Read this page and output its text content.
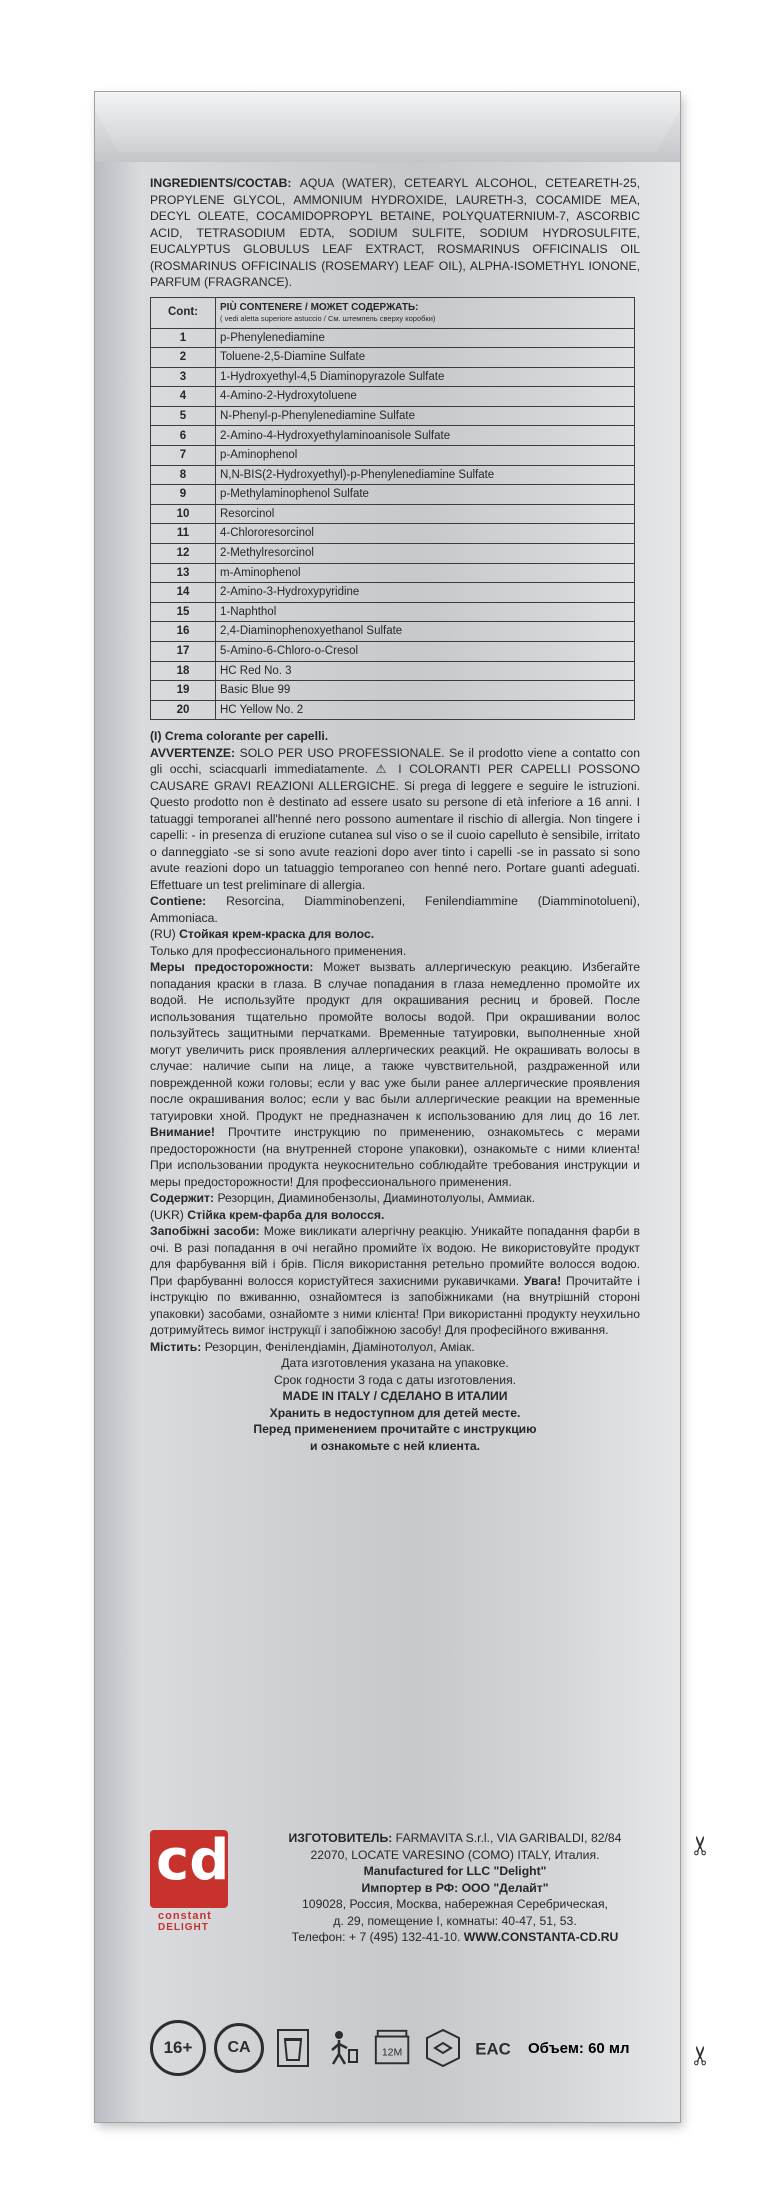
INGREDIENTS/СОСТАВ: AQUA (WATER), CETEARYL ALCOHOL, CETEARETH-25, PROPYLENE GLYCOL, AMMONIUM HYDROXIDE, LAURETH-3, COCAMIDE MEA, DECYL OLEATE, COCAMIDOPROPYL BETAINE, POLYQUATERNIUM-7, ASCORBIC ACID, TETRASODIUM EDTA, SODIUM SULFITE, SODIUM HYDROSULFITE, EUCALYPTUS GLOBULUS LEAF EXTRACT, ROSMARINUS OFFICINALIS OIL (ROSMARINUS OFFICINALIS (ROSEMARY) LEAF OIL), ALPHA-ISOMETHYL IONONE, PARFUM (FRAGRANCE).
Cont:	PIÙ CONTENERE / МОЖЕТ СОДЕРЖАТЬ:
( vedi aletta superiore astuccio / См. штемпель сверху коробки)

1	p-Phenylenediamine
2	Toluene-2,5-Diamine Sulfate
3	1-Hydroxyethyl-4,5 Diaminopyrazole Sulfate
4	4-Amino-2-Hydroxytoluene
5	N-Phenyl-p-Phenylenediamine Sulfate
6	2-Amino-4-Hydroxyethylaminoanisole Sulfate
7	p-Aminophenol
8	N,N-BIS(2-Hydroxyethyl)-p-Phenylenediamine Sulfate
9	p-Methylaminophenol Sulfate
10	Resorcinol
11	4-Chlororesorcinol
12	2-Methylresorcinol
13	m-Aminophenol
14	2-Amino-3-Hydroxypyridine
15	1-Naphthol
16	2,4-Diaminophenoxyethanol Sulfate
17	5-Amino-6-Chloro-o-Cresol
18	HC Red No. 3
19	Basic Blue 99
20	HC Yellow No. 2

(I) Crema colorante per capelli.

AVVERTENZE: SOLO PER USO PROFESSIONALE. Se il prodotto viene a contatto con gli occhi, sciacquarli immediatamente. ⚠ I COLORANTI PER CAPELLI POSSONO CAUSARE GRAVI REAZIONI ALLERGICHE. Si prega di leggere e seguire le istruzioni. Questo prodotto non è destinato ad essere usato su persone di età inferiore a 16 anni. I tatuaggi temporanei all'henné nero possono aumentare il rischio di allergia. Non tingere i capelli: - in presenza di eruzione cutanea sul viso o se il cuoio capelluto è sensibile, irritato o danneggiato -se si sono avute reazioni dopo aver tinto i capelli -se in passato si sono avute reazioni dopo un tatuaggio temporaneo con henné nero. Portare guanti adeguati. Effettuare un test preliminare di allergia.

Contiene: Resorcina, Diamminobenzeni, Fenilendiammine (Diamminotolueni), Ammoniaca.

(RU) Стойкая крем-краска для волос.

Только для профессионального применения.

Меры предосторожности: Может вызвать аллергическую реакцию. Избегайте попадания краски в глаза. В случае попадания в глаза немедленно промойте их водой. Не используйте продукт для окрашивания ресниц и бровей. После использования тщательно промойте волосы водой. При окрашивании волос пользуйтесь защитными перчатками. Временные татуировки, выполненные хной могут увеличить риск проявления аллергических реакций. Не окрашивать волосы в случае: наличие сыпи на лице, а также чувствительной, раздраженной или поврежденной кожи головы; если у вас уже были ранее аллергические проявления после окрашивания волос; если у вас были аллергические реакции на временные татуировки хной. Продукт не предназначен к использованию для лиц до 16 лет. Внимание! Прочтите инструкцию по применению, ознакомьтесь с мерами предосторожности (на внутренней стороне упаковки), ознакомьте с ними клиента! При использовании продукта неукоснительно соблюдайте требования инструкции и меры предосторожности! Для профессионального применения.

Содержит: Резорцин, Диаминобензолы, Диаминотолуолы, Аммиак.

(UKR) Стійка крем-фарба для волосся.

Запобіжні засоби: Може викликати алергічну реакцію. Уникайте попадання фарби в очі. В разі попадання в очі негайно промийте їх водою. Не використовуйте продукт для фарбування вій і брів. Після використання ретельно промийте волосся водою. При фарбуванні волосся користуйтеся захисними рукавичками. Увага! Прочитайте і інструкцію по вживанню, ознайомтеся із запобіжниками (на внутрішній стороні упаковки) засобами, ознайомте з ними клієнта! При використанні продукту неухильно дотримуйтесь вимог інструкції і запобіжною засобу! Для професійного вживання.

Містить: Резорцин, Фенілендіамін, Діамінотолуол, Аміак.

Дата изготовления указана на упаковке.

Срок годности 3 года с даты изготовления.

MADE IN ITALY / СДЕЛАНО В ИТАЛИИ

Хранить в недоступном для детей месте.

Перед применением прочитайте с инструкцию

и ознакомьте с ней клиента.

cd
constant
DELIGHT
ИЗГОТОВИТЕЛЬ: FARMAVITA S.r.l., VIA GARIBALDI, 82/84
22070, LOCATE VARESINO (COMO) ITALY, Италия.
Manufactured for LLC "Delight"
Импортер в РФ: ООО "Делайт"
109028, Россия, Москва, набережная Серебрическая,
д. 29, помещение I, комнаты: 40-47, 51, 53.
Телефон: + 7 (495) 132-41-10. WWW.CONSTANTA-CD.RU
16+	CA	12M	EAC Объем: 60 мл ✂
✂
